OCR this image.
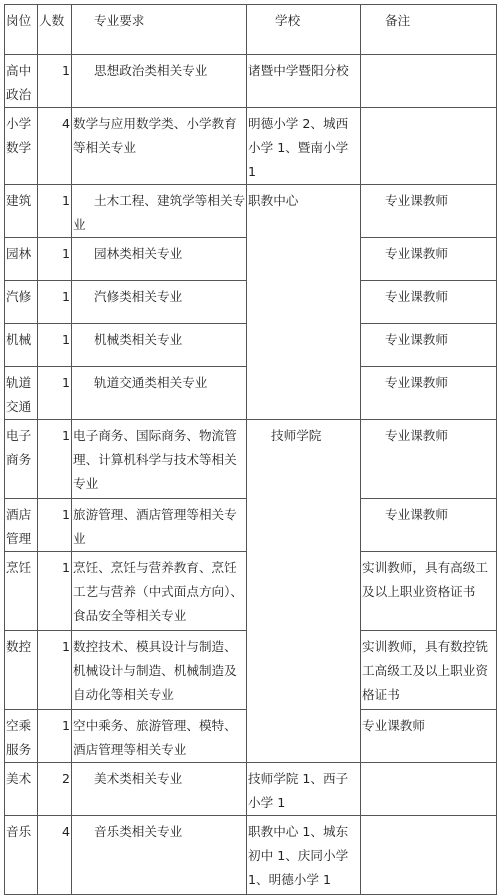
岗位	人数	专业要求	学校	备注
高中政治	1	思想政治类相关专业	诸暨中学暨阳分校	
小学数学	4	数学与应用数学类、小学教育等相关专业	明德小学 2、城西小学 1、暨南小学 1	
建筑	1	土木工程、建筑学等相关专业	职教中心	专业课教师
园林	1	园林类相关专业		专业课教师
汽修	1	汽修类相关专业		专业课教师
机械	1	机械类相关专业		专业课教师
轨道交通	1	轨道交通类相关专业		专业课教师
电子商务	1	电子商务、国际商务、物流管理、计算机科学与技术等相关专业	技师学院	专业课教师
酒店管理	1	旅游管理、酒店管理等相关专业		专业课教师
烹饪	1	烹饪、烹饪与营养教育、烹饪工艺与营养（中式面点方向）、食品安全等相关专业		实训教师，具有高级工及以上职业资格证书
数控	1	数控技术、模具设计与制造、机械设计与制造、机械制造及自动化等相关专业		实训教师，具有数控铣工高级工及以上职业资格证书
空乘服务	1	空中乘务、旅游管理、模特、酒店管理等相关专业		专业课教师
美术	2	美术类相关专业	技师学院 1、西子小学 1	
音乐	4	音乐类相关专业	职教中心 1、城东初中 1、庆同小学 1、明德小学 1	
